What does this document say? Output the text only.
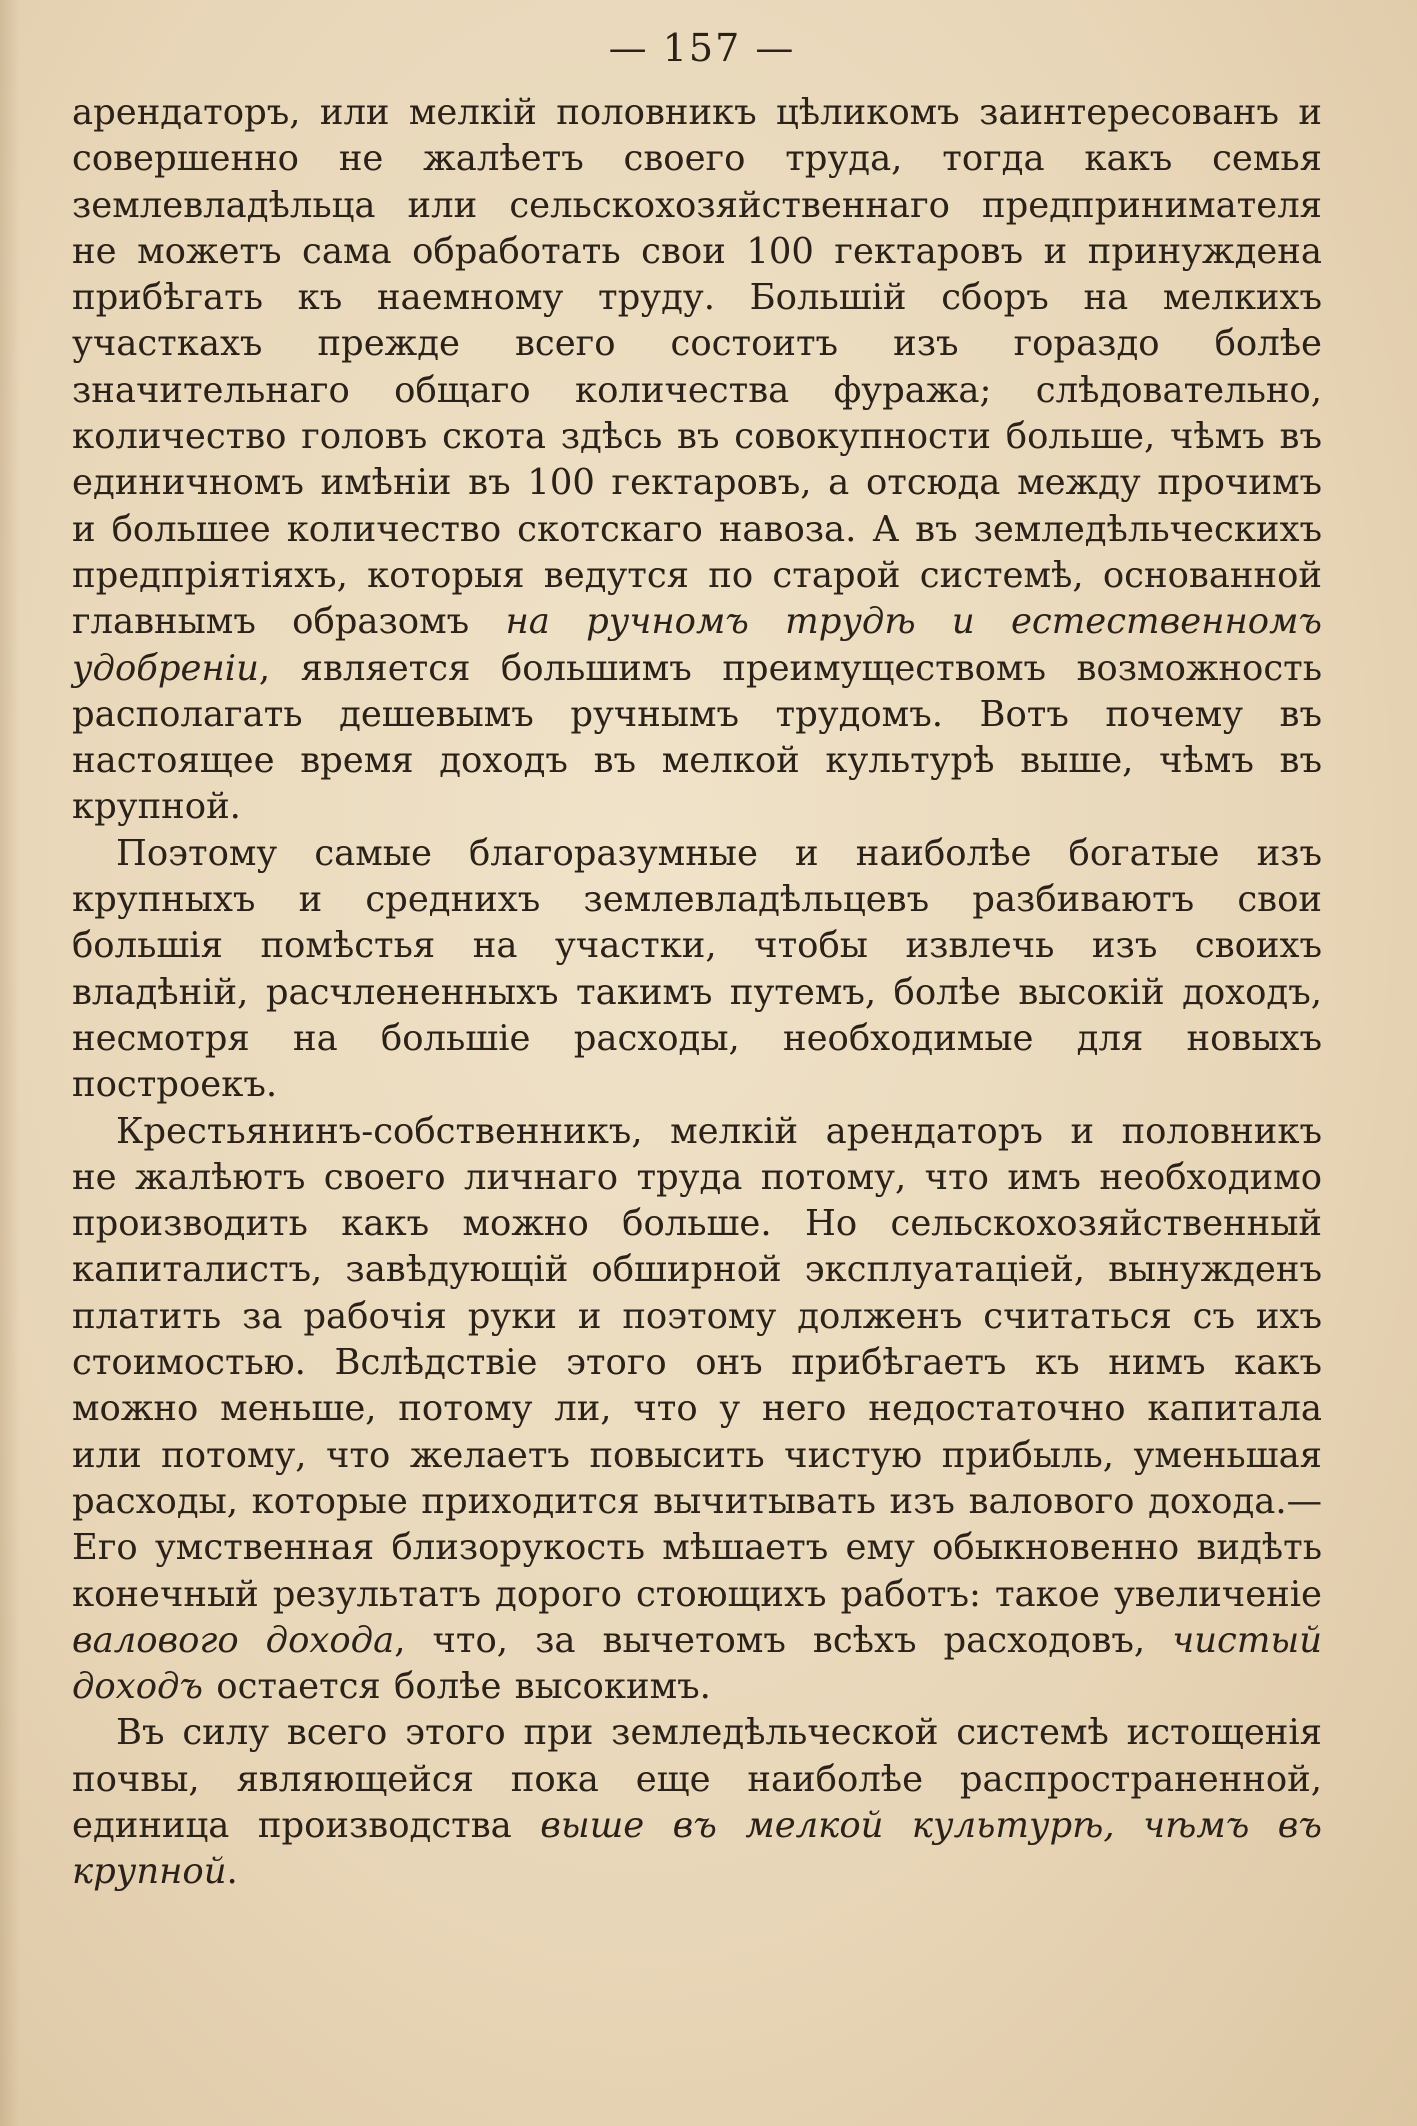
— 157 —

арендаторъ, или мелкій половникъ цѣликомъ заинтересованъ и совершенно не жалѣетъ своего труда, тогда какъ семья землевладѣльца или сельскохозяйственнаго предпринимателя не можетъ сама обработать свои 100 гектаровъ и принуждена прибѣгать къ наемному труду. Большій сборъ на мелкихъ участкахъ прежде всего состоитъ изъ гораздо болѣе значительнаго общаго количества фуража; слѣдовательно, количество головъ скота здѣсь въ совокупности больше, чѣмъ въ единичномъ имѣніи въ 100 гектаровъ, а отсюда между прочимъ и большее количество скотскаго навоза. А въ земледѣльческихъ предпріятіяхъ, которыя ведутся по старой системѣ, основанной главнымъ образомъ на ручномъ трудѣ и естественномъ удобреніи, является большимъ преимуществомъ возможность располагать дешевымъ ручнымъ трудомъ. Вотъ почему въ настоящее время доходъ въ мелкой культурѣ выше, чѣмъ въ крупной.

Поэтому самые благоразумные и наиболѣе богатые изъ крупныхъ и среднихъ землевладѣльцевъ разбиваютъ свои большія помѣстья на участки, чтобы извлечь изъ своихъ владѣній, расчлененныхъ такимъ путемъ, болѣе высокій доходъ, несмотря на большіе расходы, необходимые для новыхъ построекъ.

Крестьянинъ-собственникъ, мелкій арендаторъ и половникъ не жалѣютъ своего личнаго труда потому, что имъ необходимо производить какъ можно больше. Но сельскохозяйственный капиталистъ, завѣдующій обширной эксплуатаціей, вынужденъ платить за рабочія руки и поэтому долженъ считаться съ ихъ стоимостью. Вслѣдствіе этого онъ прибѣгаетъ къ нимъ какъ можно меньше, потому ли, что у него недостаточно капитала или потому, что желаетъ повысить чистую прибыль, уменьшая расходы, которые приходится вычитывать изъ валового дохода.— Его умственная близорукость мѣшаетъ ему обыкновенно видѣть конечный результатъ дорого стоющихъ работъ: такое увеличеніе валового дохода, что, за вычетомъ всѣхъ расходовъ, чистый доходъ остается болѣе высокимъ.

Въ силу всего этого при земледѣльческой системѣ истощенія почвы, являющейся пока еще наиболѣе распространенной, единица производства выше въ мелкой культурѣ, чѣмъ въ крупной.
